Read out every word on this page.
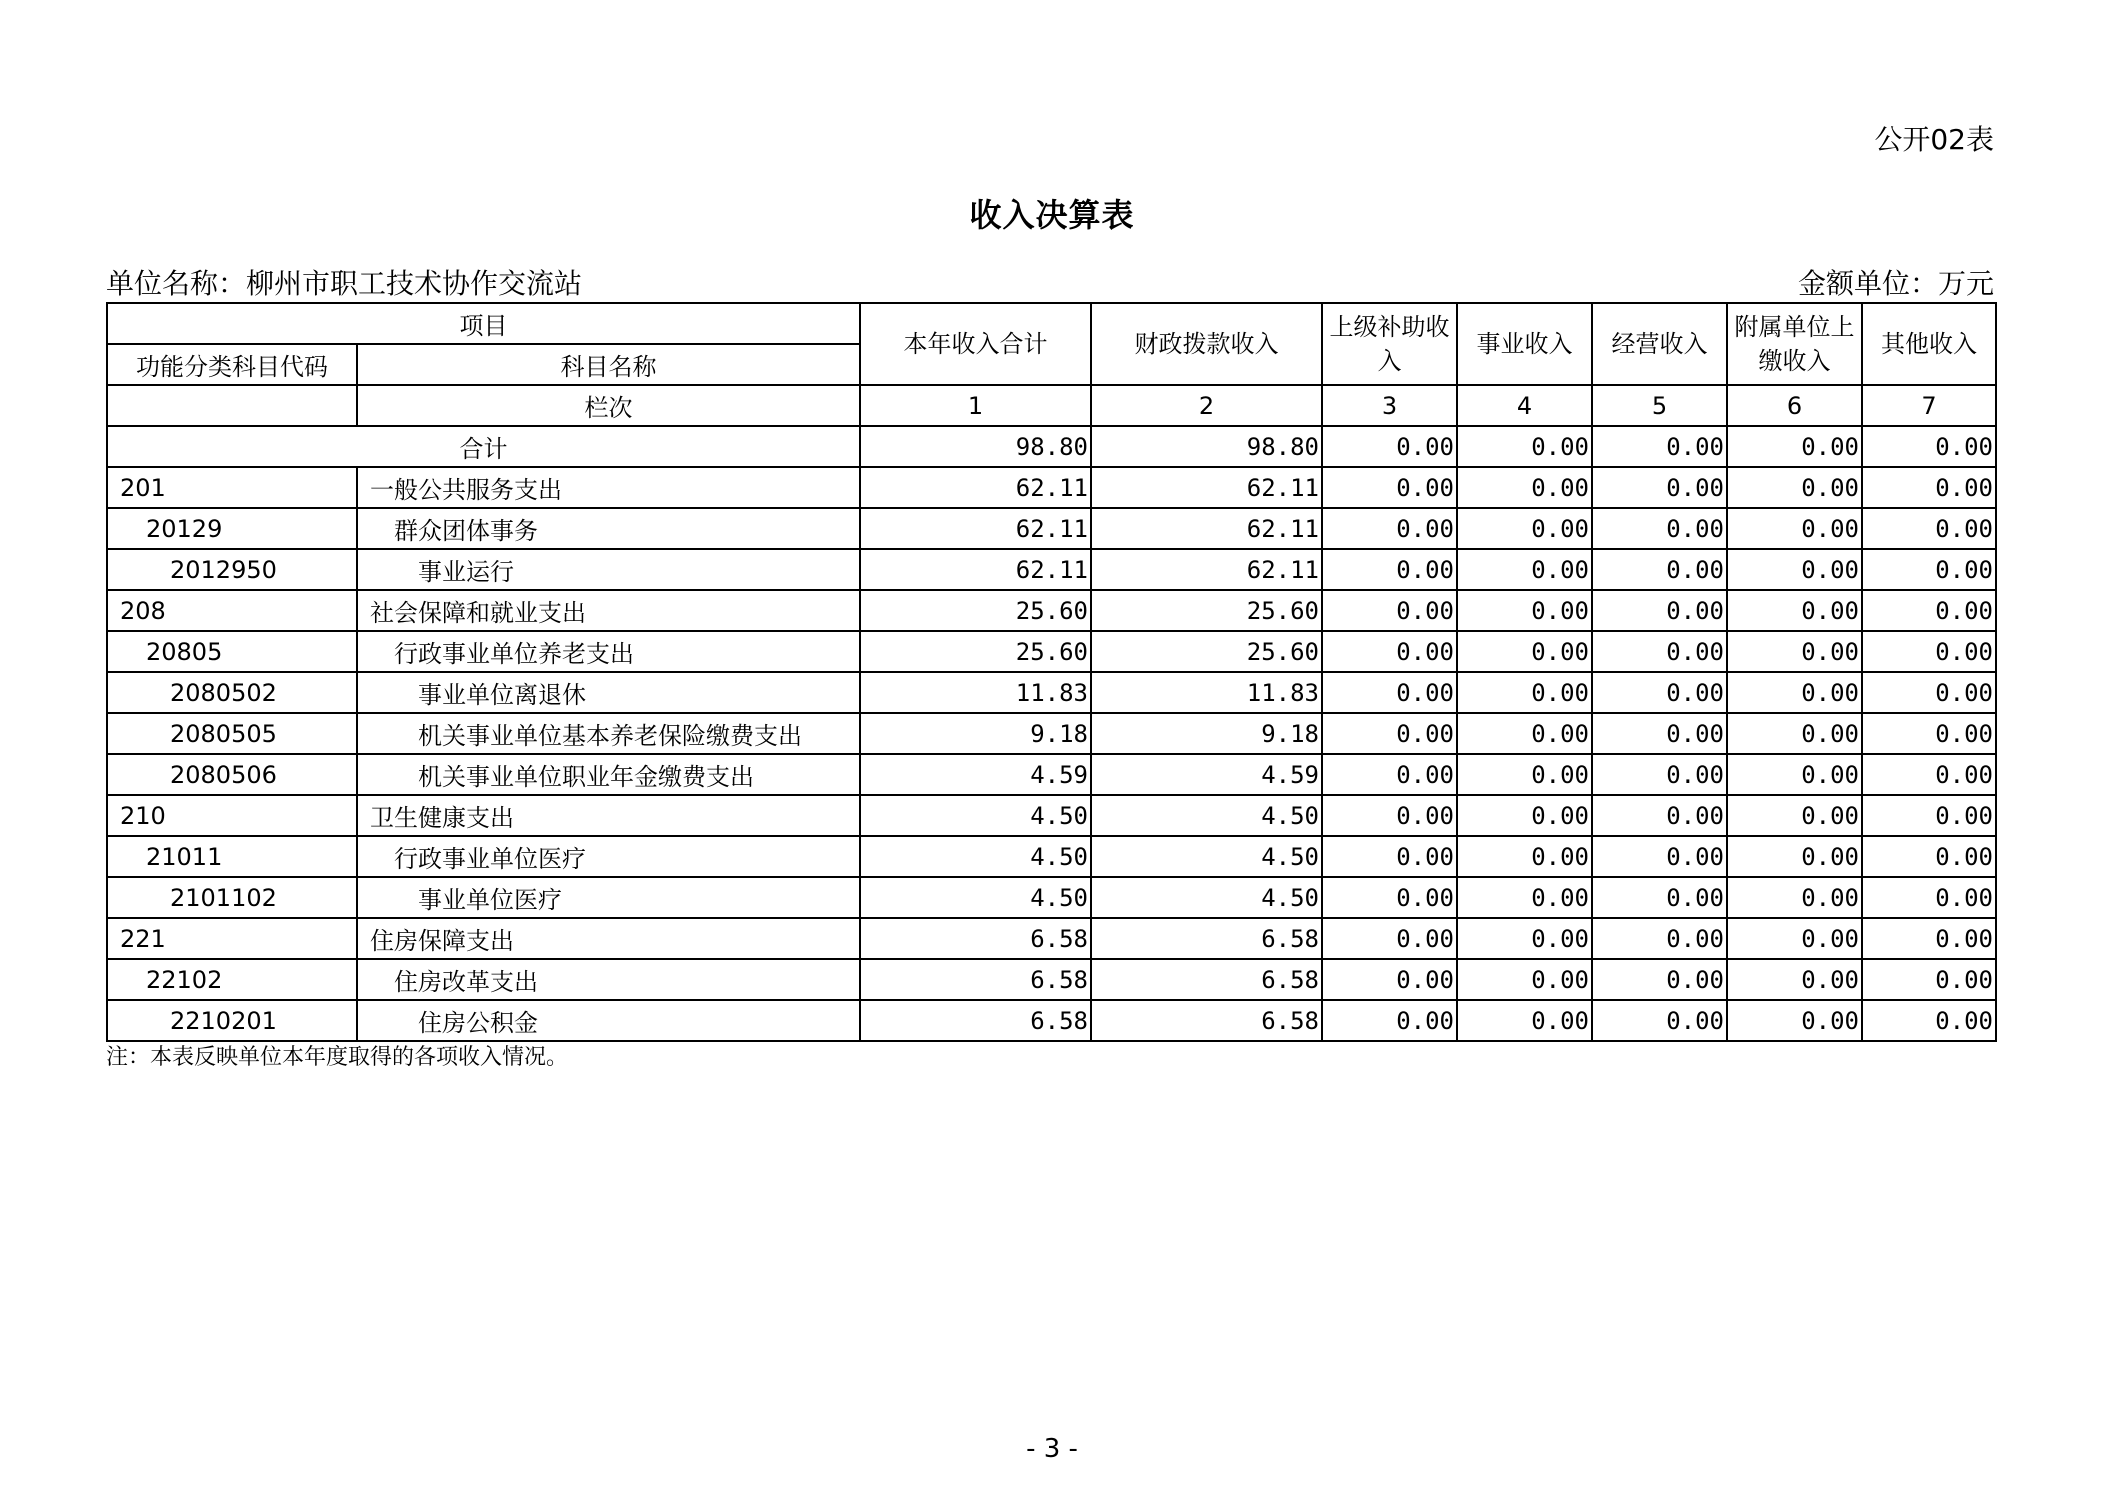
公开02表
收入决算表
单位名称：柳州市职工技术协作交流站	金额单位：万元
项目		本年收入合计	财政拨款收入	上级补助收入	事业收入	经营收入	附属单位上缴收入	其他收入
功能分类科目代码	科目名称							
	栏次	1	2	3	4	5	6	7
合计		98.80	98.80	0.00	0.00	0.00	0.00	0.00
201	一般公共服务支出	62.11	62.11	0.00	0.00	0.00	0.00	0.00
20129	群众团体事务	62.11	62.11	0.00	0.00	0.00	0.00	0.00
2012950	事业运行	62.11	62.11	0.00	0.00	0.00	0.00	0.00
208	社会保障和就业支出	25.60	25.60	0.00	0.00	0.00	0.00	0.00
20805	行政事业单位养老支出	25.60	25.60	0.00	0.00	0.00	0.00	0.00
2080502	事业单位离退休	11.83	11.83	0.00	0.00	0.00	0.00	0.00
2080505	机关事业单位基本养老保险缴费支出	9.18	9.18	0.00	0.00	0.00	0.00	0.00
2080506	机关事业单位职业年金缴费支出	4.59	4.59	0.00	0.00	0.00	0.00	0.00
210	卫生健康支出	4.50	4.50	0.00	0.00	0.00	0.00	0.00
21011	行政事业单位医疗	4.50	4.50	0.00	0.00	0.00	0.00	0.00
2101102	事业单位医疗	4.50	4.50	0.00	0.00	0.00	0.00	0.00
221	住房保障支出	6.58	6.58	0.00	0.00	0.00	0.00	0.00
22102	住房改革支出	6.58	6.58	0.00	0.00	0.00	0.00	0.00
2210201	住房公积金	6.58	6.58	0.00	0.00	0.00	0.00	0.00
注：本表反映单位本年度取得的各项收入情况。
- 3 -
